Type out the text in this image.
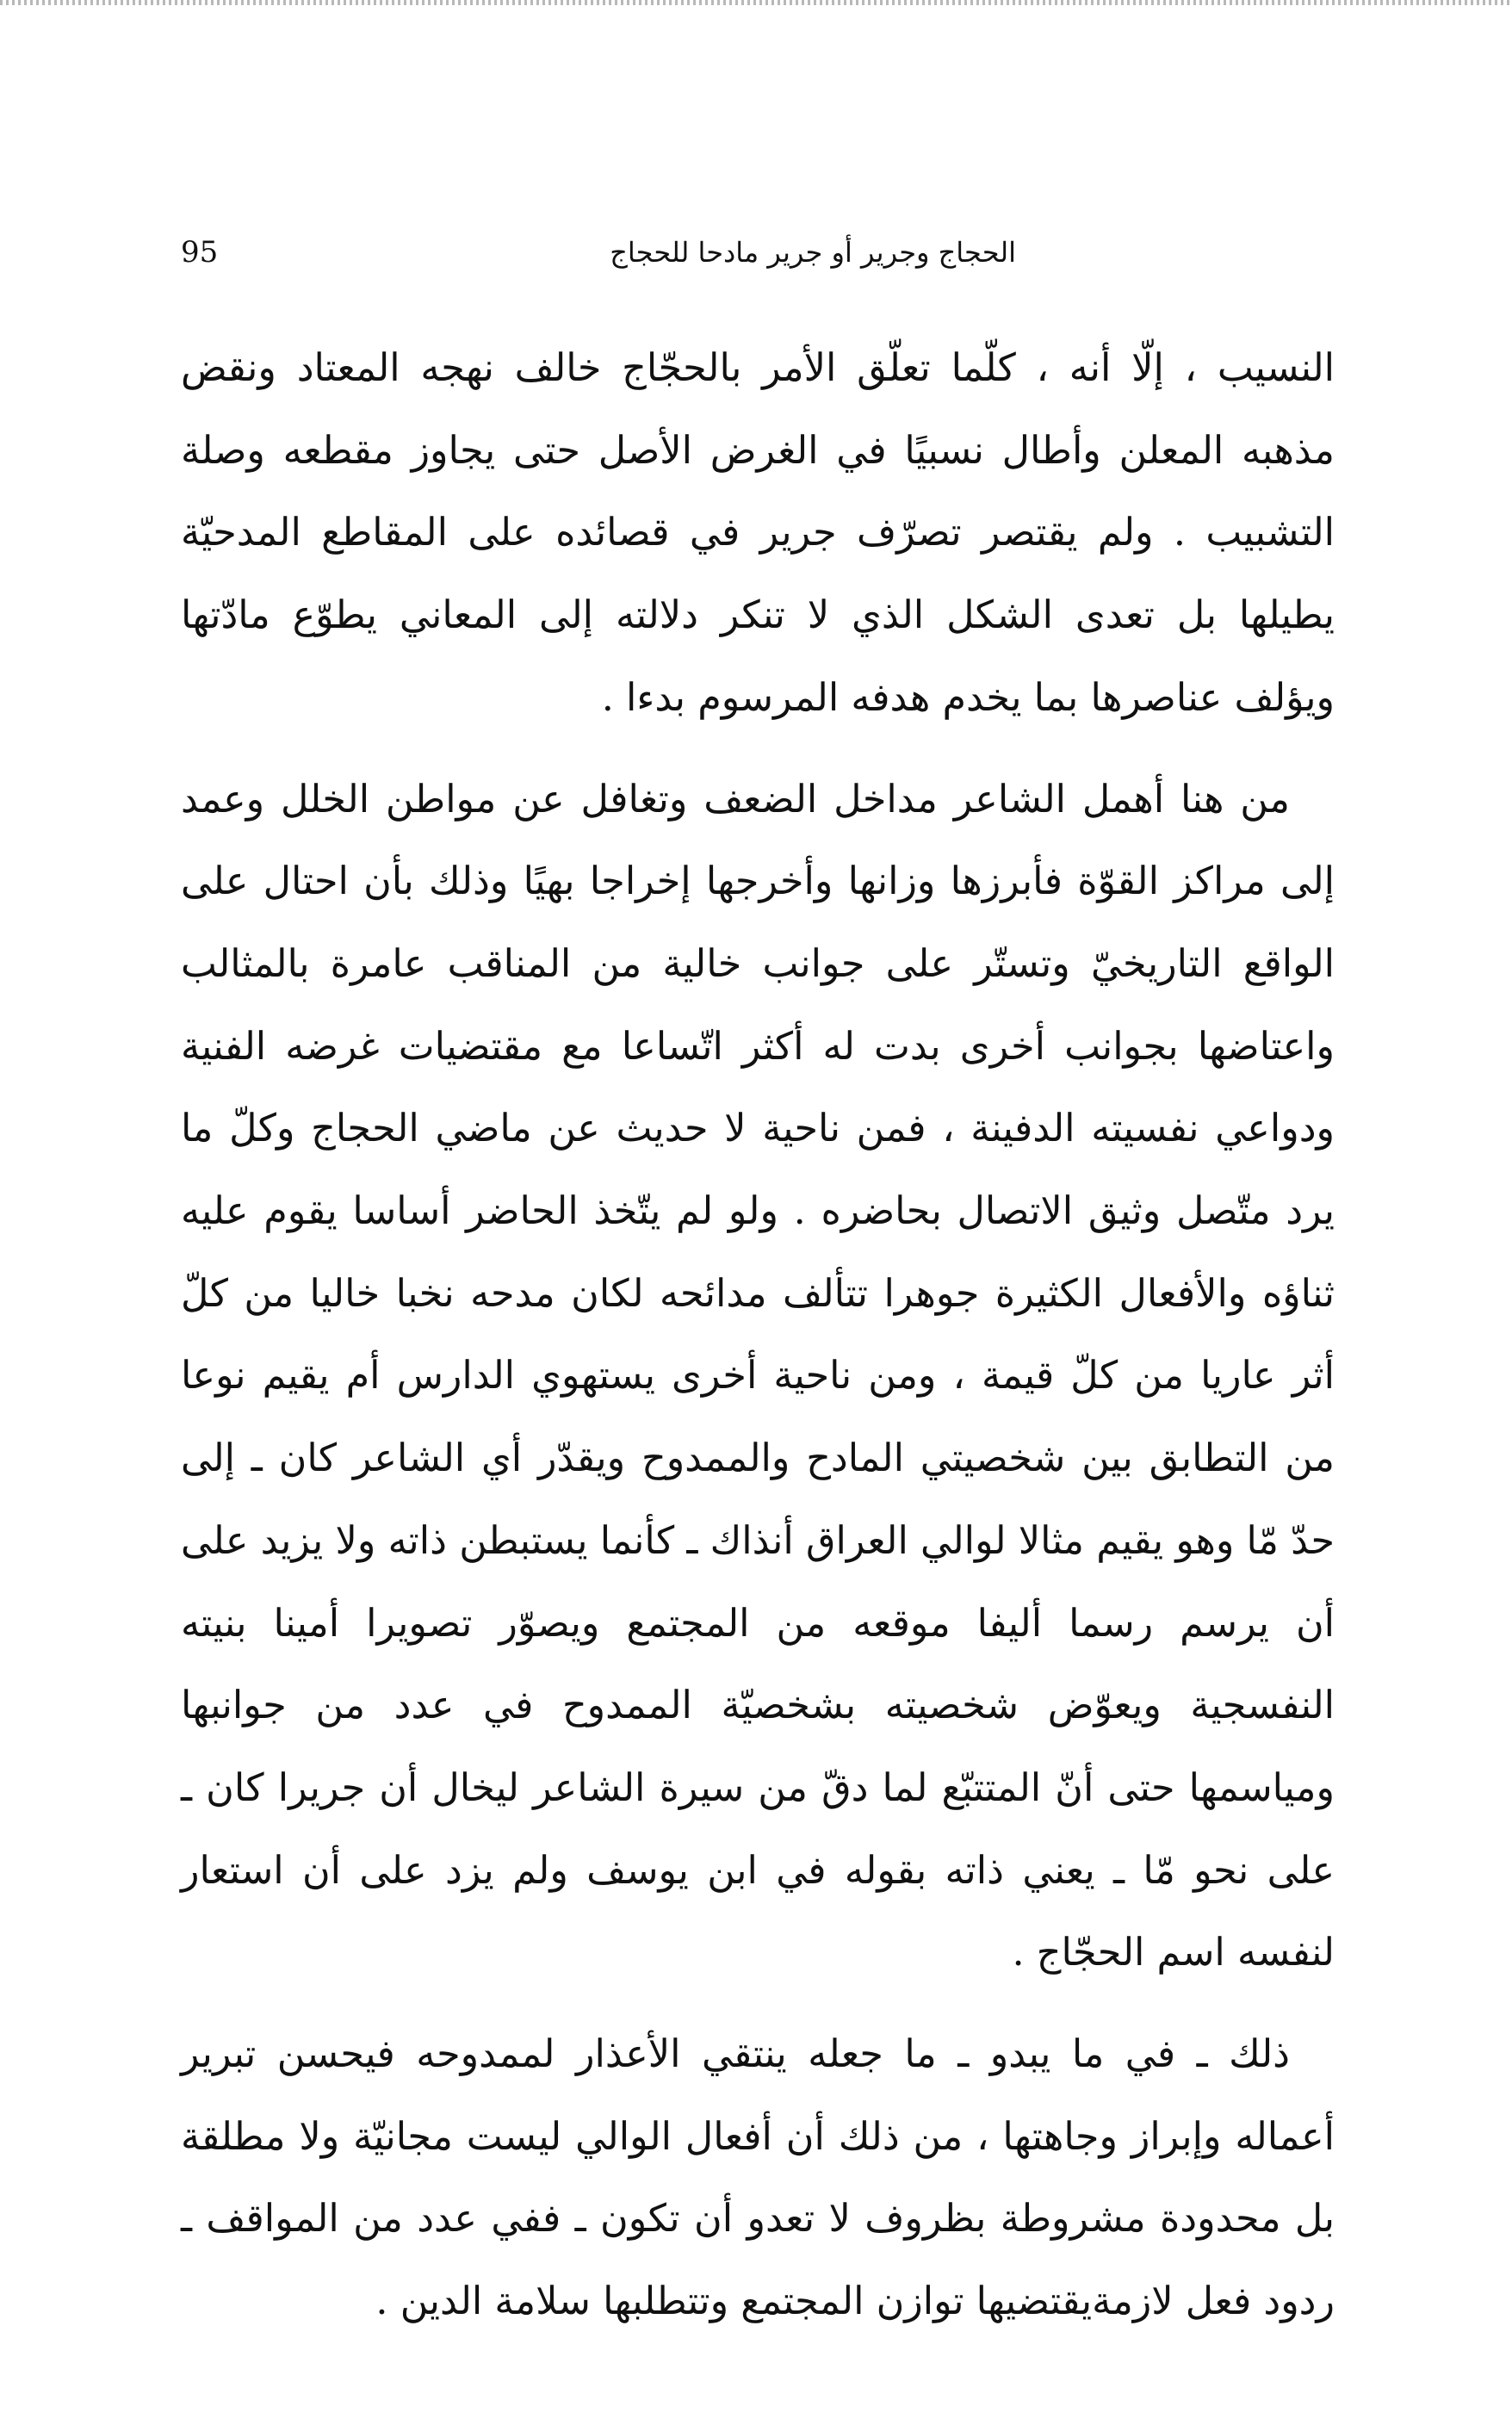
95	الحجاج وجرير أو جرير مادحا للحجاج

النسيب ، إلّا أنه ، كلّما تعلّق الأمر بالحجّاج خالف نهجه المعتاد ونقض مذهبه المعلن وأطال نسبيًا في الغرض الأصل حتى يجاوز مقطعه وصلة التشبيب . ولم يقتصر تصرّف جرير في قصائده على المقاطع المدحيّة يطيلها بل تعدى الشكل الذي لا تنكر دلالته إلى المعاني يطوّع مادّتها ويؤلف عناصرها بما يخدم هدفه المرسوم بدءا .

من هنا أهمل الشاعر مداخل الضعف وتغافل عن مواطن الخلل وعمد إلى مراكز القوّة فأبرزها وزانها وأخرجها إخراجا بهيًا وذلك بأن احتال على الواقع التاريخيّ وتستّر على جوانب خالية من المناقب عامرة بالمثالب واعتاضها بجوانب أخرى بدت له أكثر اتّساعا مع مقتضيات غرضه الفنية ودواعي نفسيته الدفينة ، فمن ناحية لا حديث عن ماضي الحجاج وكلّ ما يرد متّصل وثيق الاتصال بحاضره . ولو لم يتّخذ الحاضر أساسا يقوم عليه ثناؤه والأفعال الكثيرة جوهرا تتألف مدائحه لكان مدحه نخبا خاليا من كلّ أثر عاريا من كلّ قيمة ، ومن ناحية أخرى يستهوي الدارس أم يقيم نوعا من التطابق بين شخصيتي المادح والممدوح ويقدّر أي الشاعر كان ـ إلى حدّ مّا وهو يقيم مثالا لوالي العراق أنذاك ـ كأنما يستبطن ذاته ولا يزيد على أن يرسم رسما أليفا موقعه من المجتمع ويصوّر تصويرا أمينا بنيته النفسجية ويعوّض شخصيته بشخصيّة الممدوح في عدد من جوانبها ومياسمها حتى أنّ المتتبّع لما دقّ من سيرة الشاعر ليخال أن جريرا كان ـ على نحو مّا ـ يعني ذاته بقوله في ابن يوسف ولم يزد على أن استعار لنفسه اسم الحجّاج .

ذلك ـ في ما يبدو ـ ما جعله ينتقي الأعذار لممدوحه فيحسن تبرير أعماله وإبراز وجاهتها ، من ذلك أن أفعال الوالي ليست مجانيّة ولا مطلقة بل محدودة مشروطة بظروف لا تعدو أن تكون ـ ففي عدد من المواقف ـ ردود فعل لازمةيقتضيها توازن المجتمع وتتطلبها سلامة الدين .
